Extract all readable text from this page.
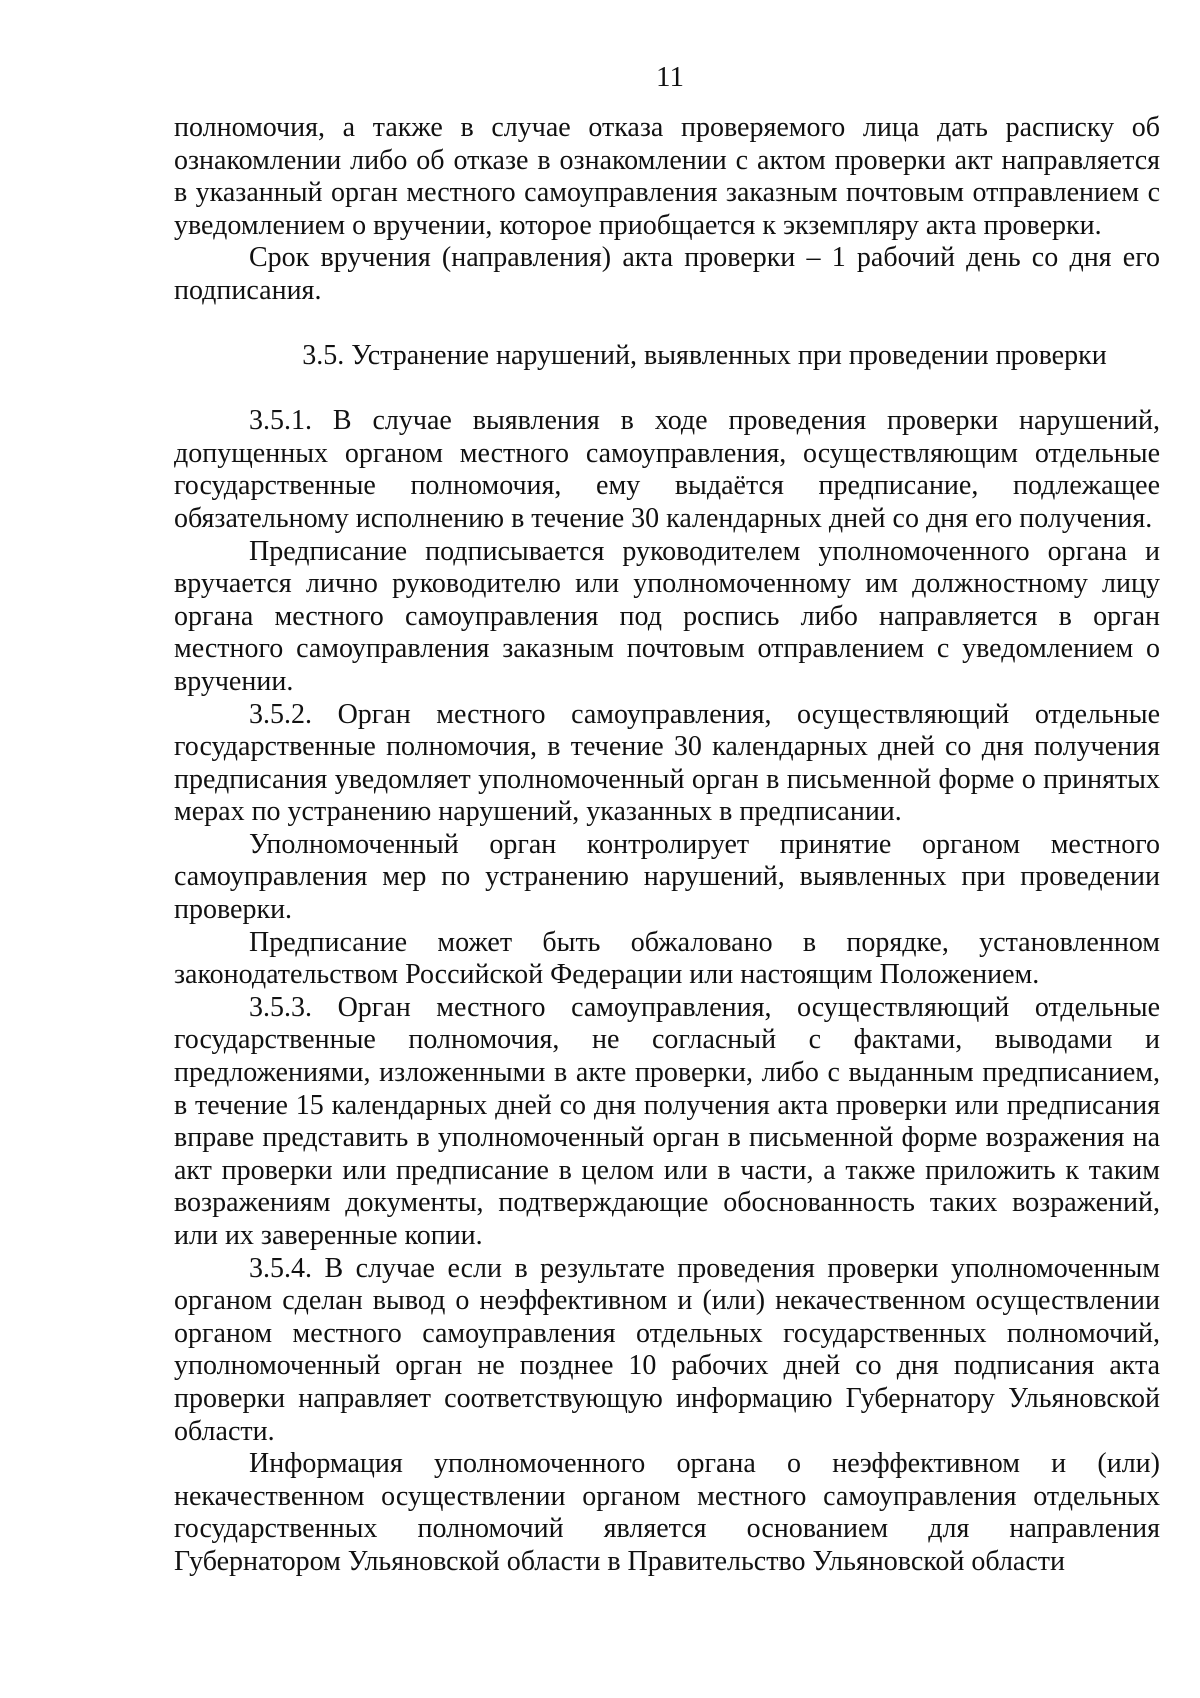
11

полномочия, а также в случае отказа проверяемого лица дать расписку об ознакомлении либо об отказе в ознакомлении с актом проверки акт направляется в указанный орган местного самоуправления заказным почтовым отправлением с уведомлением о вручении, которое приобщается к экземпляру акта проверки.

Срок вручения (направления) акта проверки – 1 рабочий день со дня его подписания.

3.5. Устранение нарушений, выявленных при проведении проверки

3.5.1. В случае выявления в ходе проведения проверки нарушений, допущенных органом местного самоуправления, осуществляющим отдельные государственные полномочия, ему выдаётся предписание, подлежащее обязательному исполнению в течение 30 календарных дней со дня его получения.

Предписание подписывается руководителем уполномоченного органа и вручается лично руководителю или уполномоченному им должностному лицу органа местного самоуправления под роспись либо направляется в орган местного самоуправления заказным почтовым отправлением с уведомлением о вручении.

3.5.2. Орган местного самоуправления, осуществляющий отдельные государственные полномочия, в течение 30 календарных дней со дня получения предписания уведомляет уполномоченный орган в письменной форме о принятых мерах по устранению нарушений, указанных в предписании.

Уполномоченный орган контролирует принятие органом местного самоуправления мер по устранению нарушений, выявленных при проведении проверки.

Предписание может быть обжаловано в порядке, установленном законодательством Российской Федерации или настоящим Положением.

3.5.3. Орган местного самоуправления, осуществляющий отдельные государственные полномочия, не согласный с фактами, выводами и предложениями, изложенными в акте проверки, либо с выданным предписанием, в течение 15 календарных дней со дня получения акта проверки или предписания вправе представить в уполномоченный орган в письменной форме возражения на акт проверки или предписание в целом или в части, а также приложить к таким возражениям документы, подтверждающие обоснованность таких возражений, или их заверенные копии.

3.5.4. В случае если в результате проведения проверки уполномоченным органом сделан вывод о неэффективном и (или) некачественном осуществлении органом местного самоуправления отдельных государственных полномочий, уполномоченный орган не позднее 10 рабочих дней со дня подписания акта проверки направляет соответствующую информацию Губернатору Ульяновской области.

Информация уполномоченного органа о неэффективном и (или) некачественном осуществлении органом местного самоуправления отдельных государственных полномочий является основанием для направления Губернатором Ульяновской области в Правительство Ульяновской области
